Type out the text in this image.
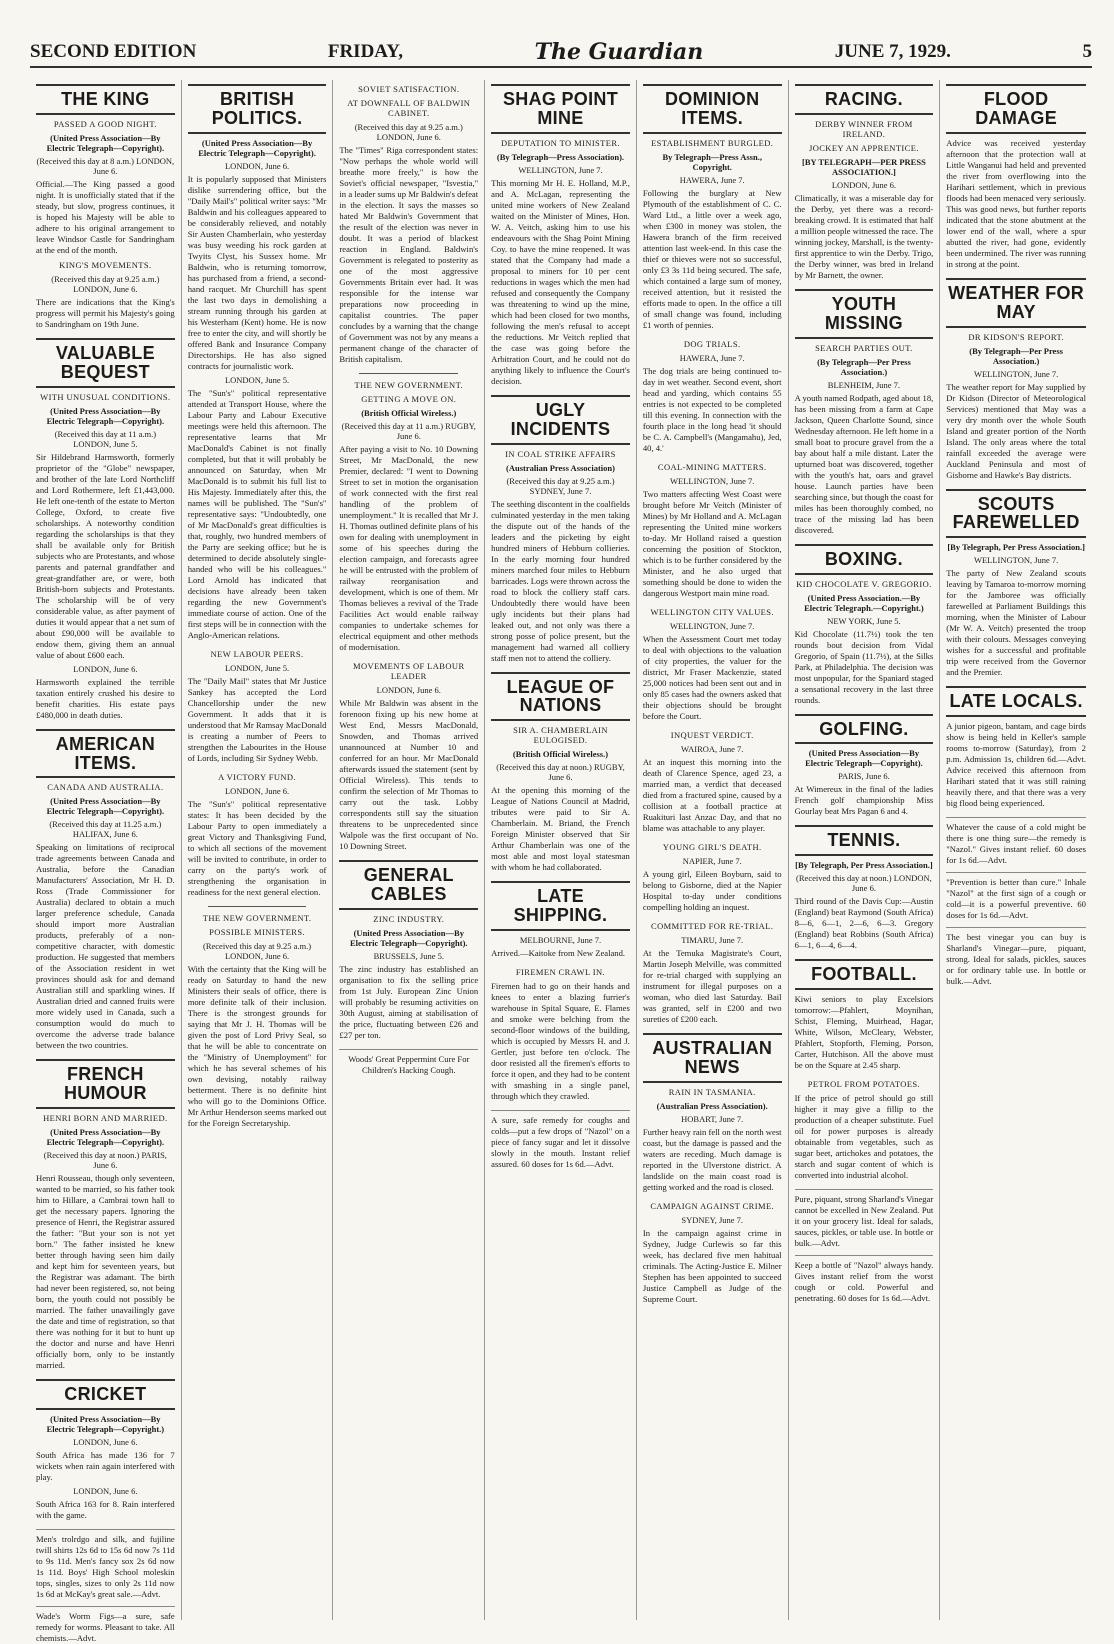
SECOND EDITION	FRIDAY,	The Guardian	JUNE 7, 1929.	5
THE KING
PASSED A GOOD NIGHT.
(United Press Association—By Electric Telegraph—Copyright).
(Received this day at 8 a.m.) LONDON, June 6.
Official.—The King passed a good night. It is unofficially stated that if the steady, but slow, progress continues, it is hoped his Majesty will be able to adhere to his original arrangement to leave Windsor Castle for Sandringham at the end of the month.
KING'S MOVEMENTS.
(Received this day at 9.25 a.m.) LONDON, June 6.
There are indications that the King's progress will permit his Majesty's going to Sandringham on 19th June.
VALUABLE BEQUEST
WITH UNUSUAL CONDITIONS.
(United Press Association—By Electric Telegraph—Copyright).
(Received this day at 11 a.m.) LONDON, June 5.
Sir Hildebrand Harmsworth, formerly proprietor of the "Globe" newspaper, and brother of the late Lord Northcliff and Lord Rothermere, left £1,443,000. He left one-tenth of the estate to Merton College, Oxford, to create five scholarships. A noteworthy condition regarding the scholarships is that they shall be available only for British subjects who are Protestants, and whose parents and paternal grandfather and great-grandfather are, or were, both British-born subjects and Protestants. The scholarship will be of very considerable value, as after payment of duties it would appear that a net sum of about £90,000 will be available to endow them, giving them an annual value of about £600 each.
LONDON, June 6.
Harmsworth explained the terrible taxation entirely crushed his desire to benefit charities. His estate pays £480,000 in death duties.
AMERICAN ITEMS.
CANADA AND AUSTRALIA.
(United Press Association—By Electric Telegraph—Copyright).
(Received this day at 11.25 a.m.) HALIFAX, June 6.
Speaking on limitations of reciprocal trade agreements between Canada and Australia, before the Canadian Manufacturers' Association, Mr H. D. Ross (Trade Commissioner for Australia) declared to obtain a much larger preference schedule, Canada should import more Australian products, preferably of a non-competitive character, with domestic production. He suggested that members of the Association resident in wet provinces should ask for and demand Australian still and sparkling wines. If Australian dried and canned fruits were more widely used in Canada, such a consumption would do much to overcome the adverse trade balance between the two countries.
FRENCH HUMOUR
HENRI BORN AND MARRIED.
(United Press Association—By Electric Telegraph—Copyright).
(Received this day at noon.) PARIS, June 6.
Henri Rousseau, though only seventeen, wanted to be married, so his father took him to Hillare, a Cambrai town hall to get the necessary papers. Ignoring the presence of Henri, the Registrar assured the father: "But your son is not yet born." The father insisted he knew better through having seen him daily and kept him for seventeen years, but the Registrar was adamant. The birth had never been registered, so, not being born, the youth could not possibly be married. The father unavailingly gave the date and time of registration, so that there was nothing for it but to hunt up the doctor and nurse and have Henri officially born, only to be instantly married.
CRICKET
(United Press Association—By Electric Telegraph—Copyright.)
LONDON, June 6.
South Africa has made 136 for 7 wickets when rain again interfered with play.
LONDON, June 6.
South Africa 163 for 8. Rain interfered with the game.
Men's trolrdgo and silk, and fujiline twill shirts 12s 6d to 15s 6d now 7s 11d to 9s 11d. Men's fancy sox 2s 6d now 1s 11d. Boys' High School moleskin tops, singles, sizes to only 2s 11d now 1s 6d at McKay's great sale.—Advt.
Wade's Worm Figs—a sure, safe remedy for worms. Pleasant to take. All chemists.—Advt.
BRITISH POLITICS.
(United Press Association—By Electric Telegraph—Copyright).
LONDON, June 6.
It is popularly supposed that Ministers dislike surrendering office, but the "Daily Mail's" political writer says: "Mr Baldwin and his colleagues appeared to be considerably relieved, and notably Sir Austen Chamberlain, who yesterday was busy weeding his rock garden at Twyits Clyst, his Sussex home. Mr Baldwin, who is returning tomorrow, has purchased from a friend, a second-hand racquet. Mr Churchill has spent the last two days in demolishing a stream running through his garden at his Westerham (Kent) home. He is now free to enter the city, and will shortly be offered Bank and Insurance Company Directorships. He has also signed contracts for journalistic work.
LONDON, June 5.
The "Sun's" political representative attended at Transport House, where the Labour Party and Labour Executive meetings were held this afternoon. The representative learns that Mr MacDonald's Cabinet is not finally completed, but that it will probably be announced on Saturday, when Mr MacDonald is to submit his full list to His Majesty. Immediately after this, the names will be published. The "Sun's" representative says: "Undoubtedly, one of Mr MacDonald's great difficulties is that, roughly, two hundred members of the Party are seeking office; but he is determined to decide absolutely single-handed who will be his colleagues." Lord Arnold has indicated that decisions have already been taken regarding the new Government's immediate course of action. One of the first steps will be in connection with the Anglo-American relations.
NEW LABOUR PEERS.
LONDON, June 5.
The "Daily Mail" states that Mr Justice Sankey has accepted the Lord Chancellorship under the new Government. It adds that it is understood that Mr Ramsay MacDonald is creating a number of Peers to strengthen the Labourites in the House of Lords, including Sir Sydney Webb.
A VICTORY FUND.
LONDON, June 6.
The "Sun's" political representative states: It has been decided by the Labour Party to open immediately a great Victory and Thanksgiving Fund, to which all sections of the movement will be invited to contribute, in order to carry on the party's work of strengthening the organisation in readiness for the next general election.
THE NEW GOVERNMENT.
POSSIBLE MINISTERS.
(Received this day at 9.25 a.m.) LONDON, June 6.
With the certainty that the King will be ready on Saturday to hand the new Ministers their seals of office, there is more definite talk of their inclusion. There is the strongest grounds for saying that Mr J. H. Thomas will be given the post of Lord Privy Seal, so that he will be able to concentrate on the "Ministry of Unemployment" for which he has several schemes of his own devising, notably railway betterment. There is no definite hint who will go to the Dominions Office. Mr Arthur Henderson seems marked out for the Foreign Secretaryship.
SOVIET SATISFACTION.
AT DOWNFALL OF BALDWIN CABINET.
(Received this day at 9.25 a.m.) LONDON, June 6.
The "Times" Riga correspondent states: "Now perhaps the whole world will breathe more freely," is how the Soviet's official newspaper, "Isvestia," in a leader sums up Mr Baldwin's defeat in the election. It says the masses so hated Mr Baldwin's Government that the result of the election was never in doubt. It was a period of blackest reaction in England. Baldwin's Government is relegated to posterity as one of the most aggressive Governments Britain ever had. It was responsible for the intense war preparations now proceeding in capitalist countries. The paper concludes by a warning that the change of Government was not by any means a permanent change of the character of British capitalism.
THE NEW GOVERNMENT.
GETTING A MOVE ON.
(British Official Wireless.)
(Received this day at 11 a.m.) RUGBY, June 6.
After paying a visit to No. 10 Downing Street, Mr MacDonald, the new Premier, declared: "I went to Downing Street to set in motion the organisation of work connected with the first real handling of the problem of unemployment." It is recalled that Mr J. H. Thomas outlined definite plans of his own for dealing with unemployment in some of his speeches during the election campaign, and forecasts agree he will be entrusted with the problem of railway reorganisation and development, which is one of them. Mr Thomas believes a revival of the Trade Facilities Act would enable railway companies to undertake schemes for electrical equipment and other methods of modernisation.
MOVEMENTS OF LABOUR LEADER
LONDON, June 6.
While Mr Baldwin was absent in the forenoon fixing up his new home at West End, Messrs MacDonald, Snowden, and Thomas arrived unannounced at Number 10 and conferred for an hour. Mr MacDonald afterwards issued the statement (sent by Official Wireless). This tends to confirm the selection of Mr Thomas to carry out the task. Lobby correspondents still say the situation threatens to be unprecedented since Walpole was the first occupant of No. 10 Downing Street.
GENERAL CABLES
ZINC INDUSTRY.
(United Press Association—By Electric Telegraph—Copyright).
BRUSSELS, June 5.
The zinc industry has established an organisation to fix the selling price from 1st July. European Zinc Union will probably be resuming activities on 30th August, aiming at stabilisation of the price, fluctuating between £26 and £27 per ton.
Woods' Great Peppermint Cure For Children's Hacking Cough.
SHAG POINT MINE
DEPUTATION TO MINISTER.
(By Telegraph—Press Association).
WELLINGTON, June 7.
This morning Mr H. E. Holland, M.P., and A. McLagan, representing the united mine workers of New Zealand waited on the Minister of Mines, Hon. W. A. Veitch, asking him to use his endeavours with the Shag Point Mining Coy. to have the mine reopened. It was stated that the Company had made a proposal to miners for 10 per cent reductions in wages which the men had refused and consequently the Company was threatening to wind up the mine, which had been closed for two months, following the men's refusal to accept the reductions. Mr Veitch replied that the case was going before the Arbitration Court, and he could not do anything likely to influence the Court's decision.
UGLY INCIDENTS
IN COAL STRIKE AFFAIRS
(Australian Press Association)
(Received this day at 9.25 a.m.) SYDNEY, June 7.
The seething discontent in the coalfields culminated yesterday in the men taking the dispute out of the hands of the leaders and the picketing by eight hundred miners of Hebburn collieries. In the early morning four hundred miners marched four miles to Hebburn barricades. Logs were thrown across the road to block the colliery staff cars. Undoubtedly there would have been ugly incidents but their plans had leaked out, and not only was there a strong posse of police present, but the management had warned all colliery staff men not to attend the colliery.
LEAGUE OF NATIONS
SIR A. CHAMBERLAIN EULOGISED.
(British Official Wireless.)
(Received this day at noon.) RUGBY, June 6.
At the opening this morning of the League of Nations Council at Madrid, tributes were paid to Sir A. Chamberlain. M. Briand, the French Foreign Minister observed that Sir Arthur Chamberlain was one of the most able and most loyal statesman with whom he had collaborated.
LATE SHIPPING.
MELBOURNE, June 7.
Arrived.—Kaitoke from New Zealand.
FIREMEN CRAWL IN.
Firemen had to go on their hands and knees to enter a blazing furrier's warehouse in Spital Square, E. Flames and smoke were belching from the second-floor windows of the building, which is occupied by Messrs H. and J. Gertler, just before ten o'clock. The door resisted all the firemen's efforts to force it open, and they had to be content with smashing in a single panel, through which they crawled.
A sure, safe remedy for coughs and colds—put a few drops of "Nazol" on a piece of fancy sugar and let it dissolve slowly in the mouth. Instant relief assured. 60 doses for 1s 6d.—Advt.
DOMINION ITEMS.
ESTABLISHMENT BURGLED.
By Telegraph—Press Assn., Copyright.
HAWERA, June 7.
Following the burglary at New Plymouth of the establishment of C. C. Ward Ltd., a little over a week ago, when £300 in money was stolen, the Hawera branch of the firm received attention last week-end. In this case the thief or thieves were not so successful, only £3 3s 11d being secured. The safe, which contained a large sum of money, received attention, but it resisted the efforts made to open. In the office a till of small change was found, including £1 worth of pennies.
DOG TRIALS.
HAWERA, June 7.
The dog trials are being continued to-day in wet weather. Second event, short head and yarding, which contains 55 entries is not expected to be completed till this evening. In connection with the fourth place in the long head 'it should be C. A. Campbell's (Mangamahu), Jed, 40, 4.'
COAL-MINING MATTERS.
WELLINGTON, June 7.
Two matters affecting West Coast were brought before Mr Veitch (Minister of Mines) by Mr Holland and A. McLagan representing the United mine workers to-day. Mr Holland raised a question concerning the position of Stockton, which is to be further considered by the Minister, and he also urged that something should be done to widen the dangerous Westport main mine road.
WELLINGTON CITY VALUES.
WELLINGTON, June 7.
When the Assessment Court met today to deal with objections to the valuation of city properties, the valuer for the district, Mr Fraser Mackenzie, stated 25,000 notices had been sent out and in only 85 cases had the owners asked that their objections should be brought before the Court.
INQUEST VERDICT.
WAIROA, June 7.
At an inquest this morning into the death of Clarence Spence, aged 23, a married man, a verdict that deceased died from a fractured spine, caused by a collision at a football practice at Ruakituri last Anzac Day, and that no blame was attachable to any player.
YOUNG GIRL'S DEATH.
NAPIER, June 7.
A young girl, Eileen Boyburn, said to belong to Gisborne, died at the Napier Hospital to-day under conditions compelling holding an inquest.
COMMITTED FOR RE-TRIAL.
TIMARU, June 7.
At the Temuka Magistrate's Court, Martin Joseph Melville, was committed for re-trial charged with supplying an instrument for illegal purposes on a woman, who died last Saturday. Bail was granted, self in £200 and two sureties of £200 each.
AUSTRALIAN NEWS
RAIN IN TASMANIA.
(Australian Press Association).
HOBART, June 7.
Further heavy rain fell on the north west coast, but the damage is passed and the waters are receding. Much damage is reported in the Ulverstone district. A landslide on the main coast road is getting worked and the road is closed.
CAMPAIGN AGAINST CRIME.
SYDNEY, June 7.
In the campaign against crime in Sydney, Judge Curlewis so far this week, has declared five men habitual criminals. The Acting-Justice E. Milner Stephen has been appointed to succeed Justice Campbell as Judge of the Supreme Court.
RACING.
DERBY WINNER FROM IRELAND.
JOCKEY AN APPRENTICE.
[BY TELEGRAPH—PER PRESS ASSOCIATION.]
LONDON, June 6.
Climatically, it was a miserable day for the Derby, yet there was a record-breaking crowd. It is estimated that half a million people witnessed the race. The winning jockey, Marshall, is the twenty-first apprentice to win the Derby. Trigo, the Derby winner, was bred in Ireland by Mr Barnett, the owner.
YOUTH MISSING
SEARCH PARTIES OUT.
(By Telegraph—Per Press Association.)
BLENHEIM, June 7.
A youth named Rodpath, aged about 18, has been missing from a farm at Cape Jackson, Queen Charlotte Sound, since Wednesday afternoon. He left home in a small boat to procure gravel from the a bay about half a mile distant. Later the upturned boat was discovered, together with the youth's hat, oars and gravel house. Launch parties have been searching since, but though the coast for miles has been thoroughly combed, no trace of the missing lad has been discovered.
BOXING.
KID CHOCOLATE V. GREGORIO.
(United Press Association.—By Electric Telegraph.—Copyright.)
NEW YORK, June 5.
Kid Chocolate (11.7½) took the ten rounds bout decision from Vidal Gregorio, of Spain (11.7½), at the Silks Park, at Philadelphia. The decision was most unpopular, for the Spaniard staged a sensational recovery in the last three rounds.
GOLFING.
(United Press Association—By Electric Telegraph—Copyright).
PARIS, June 6.
At Wimereux in the final of the ladies French golf championship Miss Gourlay beat Mrs Pagan 6 and 4.
TENNIS.
[By Telegraph, Per Press Association.]
(Received this day at noon.) LONDON, June 6.
Third round of the Davis Cup:—Austin (England) beat Raymond (South Africa) 8—6, 6—1, 2—6, 6—3. Gregory (England) beat Robbins (South Africa) 6—1, 6—4, 6—4.
FOOTBALL.
Kiwi seniors to play Excelsiors tomorrow:—Pfahlert, Moynihan, Schist, Fleming, Muirhead, Hagar, White, Wilson, McCleary, Webster, Pfahlert, Stopforth, Fleming, Porson, Carter, Hutchison. All the above must be on the Square at 2.45 sharp.
PETROL FROM POTATOES.
If the price of petrol should go still higher it may give a fillip to the production of a cheaper substitute. Fuel oil for power purposes is already obtainable from vegetables, such as sugar beet, artichokes and potatoes, the starch and sugar content of which is converted into industrial alcohol.
Pure, piquant, strong Sharland's Vinegar cannot be excelled in New Zealand. Put it on your grocery list. Ideal for salads, sauces, pickles, or table use. In bottle or bulk.—Advt.
Keep a bottle of "Nazol" always handy. Gives instant relief from the worst cough or cold. Powerful and penetrating. 60 doses for 1s 6d.—Advt.
FLOOD DAMAGE
Advice was received yesterday afternoon that the protection wall at Little Wanganui had held and prevented the river from overflowing into the Harihari settlement, which in previous floods had been menaced very seriously. This was good news, but further reports indicated that the stone abutment at the lower end of the wall, where a spur abutted the river, had gone, evidently been undermined. The river was running in strong at the point.
WEATHER FOR MAY
DR KIDSON'S REPORT.
(By Telegraph—Per Press Association.)
WELLINGTON, June 7.
The weather report for May supplied by Dr Kidson (Director of Meteorological Services) mentioned that May was a very dry month over the whole South Island and greater portion of the North Island. The only areas where the total rainfall exceeded the average were Auckland Peninsula and most of Gisborne and Hawke's Bay districts.
SCOUTS FAREWELLED
[By Telegraph, Per Press Association.]
WELLINGTON, June 7.
The party of New Zealand scouts leaving by Tamaroa to-morrow morning for the Jamboree was officially farewelled at Parliament Buildings this morning, when the Minister of Labour (Mr W. A. Veitch) presented the troop with their colours. Messages conveying wishes for a successful and profitable trip were received from the Governor and the Premier.
LATE LOCALS.
A junior pigeon, bantam, and cage birds show is being held in Keller's sample rooms to-morrow (Saturday), from 2 p.m. Admission 1s, children 6d.—Advt. Advice received this afternoon from Harihari stated that it was still raining heavily there, and that there was a very big flood being experienced.
Whatever the cause of a cold might be there is one thing sure—the remedy is "Nazol." Gives instant relief. 60 doses for 1s 6d.—Advt.
"Prevention is better than cure." Inhale "Nazol" at the first sign of a cough or cold—it is a powerful preventive. 60 doses for 1s 6d.—Advt.
The best vinegar you can buy is Sharland's Vinegar—pure, piquant, strong. Ideal for salads, pickles, sauces or for ordinary table use. In bottle or bulk.—Advt.
